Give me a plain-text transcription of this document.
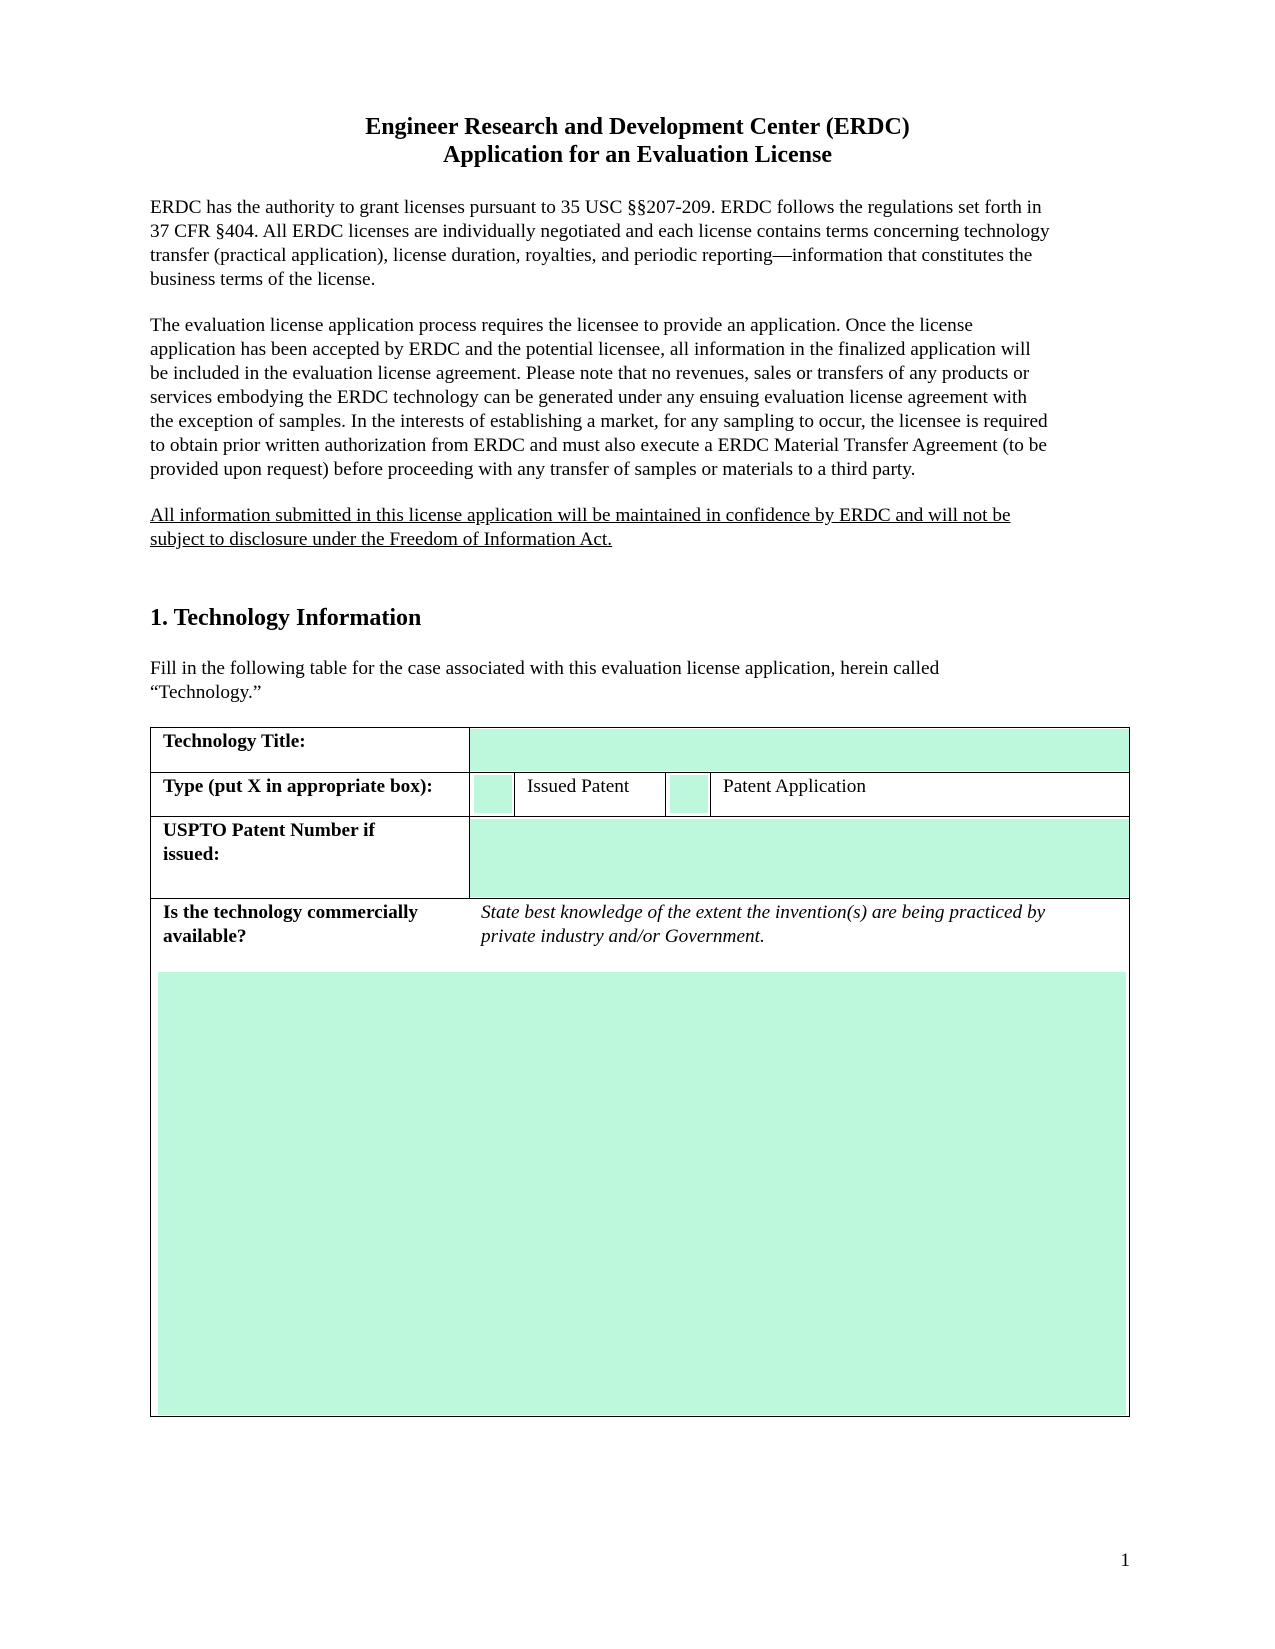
Engineer Research and Development Center (ERDC)
Application for an Evaluation License
ERDC has the authority to grant licenses pursuant to 35 USC §§207-209. ERDC follows the regulations set forth in
37 CFR §404. All ERDC licenses are individually negotiated and each license contains terms concerning technology
transfer (practical application), license duration, royalties, and periodic reporting—information that constitutes the
business terms of the license.
The evaluation license application process requires the licensee to provide an application. Once the license
application has been accepted by ERDC and the potential licensee, all information in the finalized application will
be included in the evaluation license agreement. Please note that no revenues, sales or transfers of any products or
services embodying the ERDC technology can be generated under any ensuing evaluation license agreement with
the exception of samples. In the interests of establishing a market, for any sampling to occur, the licensee is required
to obtain prior written authorization from ERDC and must also execute a ERDC Material Transfer Agreement (to be
provided upon request) before proceeding with any transfer of samples or materials to a third party.
All information submitted in this license application will be maintained in confidence by ERDC and will not be
subject to disclosure under the Freedom of Information Act.
1. Technology Information
Fill in the following table for the case associated with this evaluation license application, herein called
“Technology.”
Technology Title:
Type (put X in appropriate box):	Issued Patent	Patent Application
USPTO Patent Number if
issued:
Is the technology commercially
available?
State best knowledge of the extent the invention(s) are being practiced by
private industry and/or Government.
1
